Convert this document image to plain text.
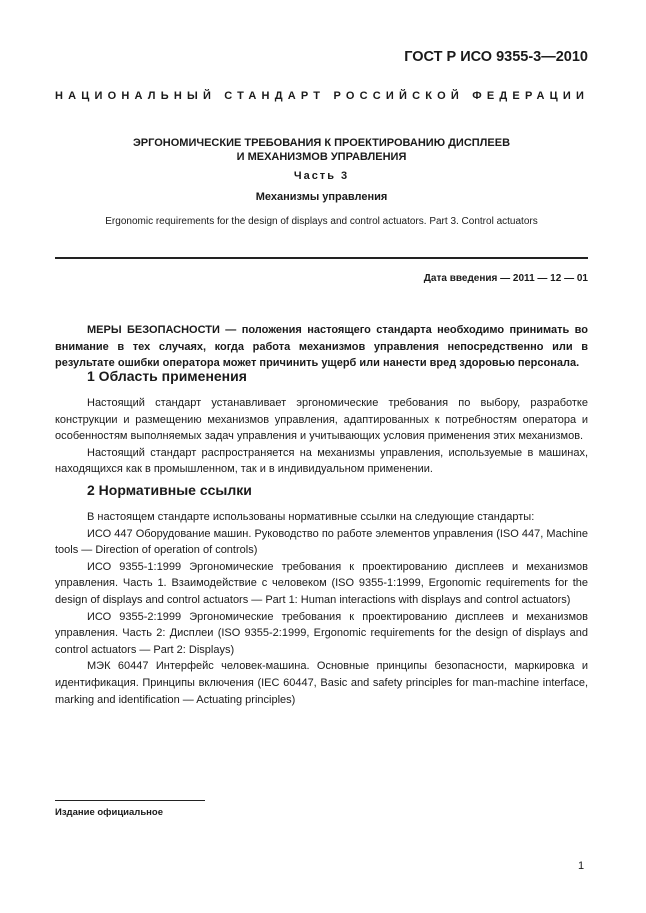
ГОСТ Р ИСО 9355-3—2010
НАЦИОНАЛЬНЫЙ СТАНДАРТ РОССИЙСКОЙ ФЕДЕРАЦИИ
ЭРГОНОМИЧЕСКИЕ ТРЕБОВАНИЯ К ПРОЕКТИРОВАНИЮ ДИСПЛЕЕВ
И МЕХАНИЗМОВ УПРАВЛЕНИЯ
Часть 3
Механизмы управления
Ergonomic requirements for the design of displays and control actuators. Part 3. Control actuators
Дата введения — 2011 — 12 — 01

МЕРЫ БЕЗОПАСНОСТИ — положения настоящего стандарта необходимо принимать во внимание в тех случаях, когда работа механизмов управления непосредственно или в результате ошибки оператора может причинить ущерб или нанести вред здоровью персонала.

1 Область применения

Настоящий стандарт устанавливает эргономические требования по выбору, разработке конструкции и размещению механизмов управления, адаптированных к потребностям оператора и особенностям выполняемых задач управления и учитывающих условия применения этих механизмов.

Настоящий стандарт распространяется на механизмы управления, используемые в машинах, находящихся как в промышленном, так и в индивидуальном применении.

2 Нормативные ссылки

В настоящем стандарте использованы нормативные ссылки на следующие стандарты:

ИСО 447 Оборудование машин. Руководство по работе элементов управления (ISO 447, Machine tools — Direction of operation of controls)

ИСО 9355-1:1999 Эргономические требования к проектированию дисплеев и механизмов управления. Часть 1. Взаимодействие с человеком (ISO 9355-1:1999, Ergonomic requirements for the design of displays and control actuators — Part 1: Human interactions with displays and control actuators)

ИСО 9355-2:1999 Эргономические требования к проектированию дисплеев и механизмов управления. Часть 2: Дисплеи (ISO 9355-2:1999, Ergonomic requirements for the design of displays and control actuators — Part 2: Displays)

МЭК 60447 Интерфейс человек-машина. Основные принципы безопасности, маркировка и идентификация. Принципы включения (IEC 60447, Basic and safety principles for man-machine interface, marking and identification — Actuating principles)

Издание официальное
1
